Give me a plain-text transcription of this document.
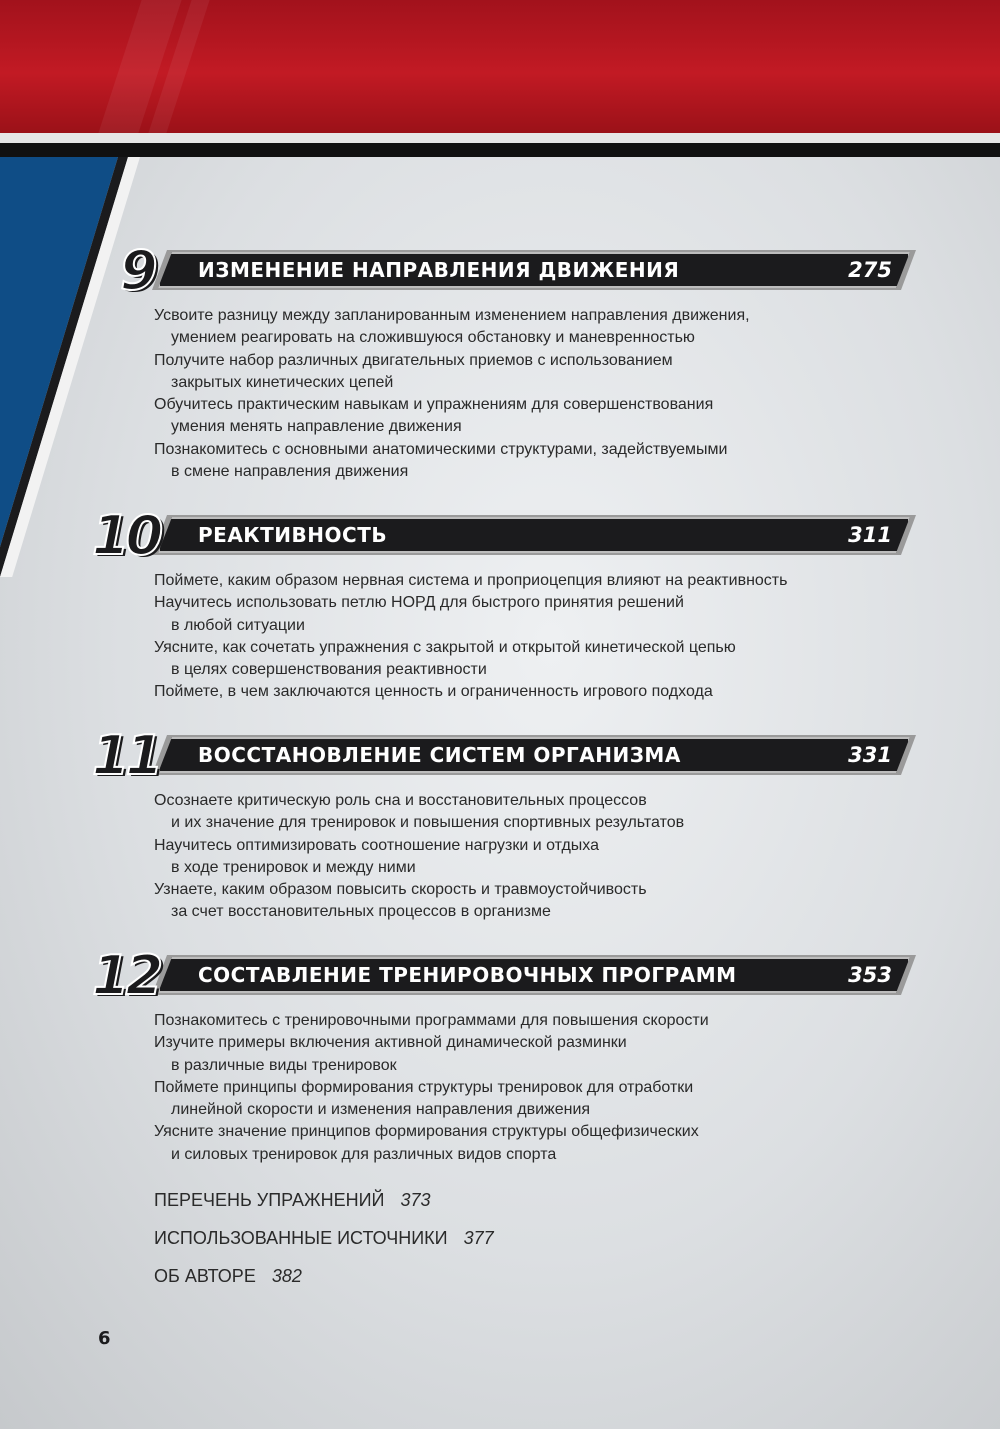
9 ИЗМЕНЕНИЕ НАПРАВЛЕНИЯ ДВИЖЕНИЯ	275
Усвоите разницу между запланированным изменением направления движения,
умением реагировать на сложившуюся обстановку и маневренностью
Получите набор различных двигательных приемов с использованием
закрытых кинетических цепей
Обучитесь практическим навыкам и упражнениям для совершенствования
умения менять направление движения
Познакомитесь с основными анатомическими структурами, задействуемыми
в смене направления движения
10 РЕАКТИВНОСТЬ	311
Поймете, каким образом нервная система и проприоцепция влияют на реактивность
Научитесь использовать петлю НОРД для быстрого принятия решений
в любой ситуации
Уясните, как сочетать упражнения с закрытой и открытой кинетической цепью
в целях совершенствования реактивности
Поймете, в чем заключаются ценность и ограниченность игрового подхода
11 ВОССТАНОВЛЕНИЕ СИСТЕМ ОРГАНИЗМА	331
Осознаете критическую роль сна и восстановительных процессов
и их значение для тренировок и повышения спортивных результатов
Научитесь оптимизировать соотношение нагрузки и отдыха
в ходе тренировок и между ними
Узнаете, каким образом повысить скорость и травмоустойчивость
за счет восстановительных процессов в организме
12 СОСТАВЛЕНИЕ ТРЕНИРОВОЧНЫХ ПРОГРАММ	353
Познакомитесь с тренировочными программами для повышения скорости
Изучите примеры включения активной динамической разминки
в различные виды тренировок
Поймете принципы формирования структуры тренировок для отработки
линейной скорости и изменения направления движения
Уясните значение принципов формирования структуры общефизических
и силовых тренировок для различных видов спорта
ПЕРЕЧЕНЬ УПРАЖНЕНИЙ 373
ИСПОЛЬЗОВАННЫЕ ИСТОЧНИКИ 377
ОБ АВТОРЕ 382
6
